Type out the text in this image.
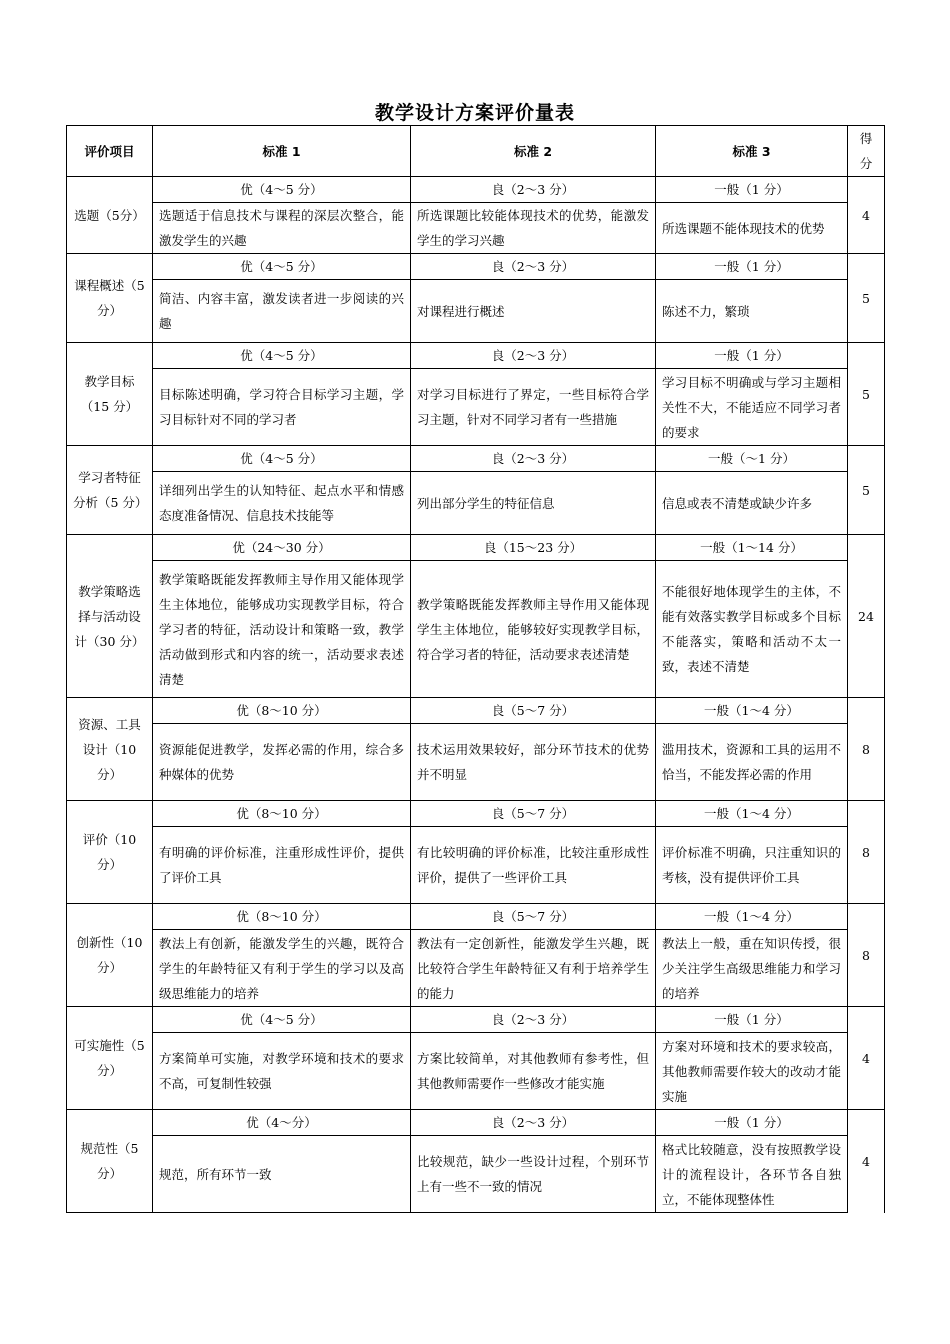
教学设计方案评价量表
评价项目	标准 1	标准 2	标准 3	得分
选题（5分）	优（4～5 分）	良（2～3 分）	一般（1 分）	4
	选题适于信息技术与课程的深层次整合，能激发学生的兴趣	所选课题比较能体现技术的优势，能激发学生的学习兴趣	所选课题不能体现技术的优势	
课程概述（5 分）	优（4～5 分）	良（2～3 分）	一般（1 分）	5
	简洁、内容丰富，激发读者进一步阅读的兴趣	对课程进行概述	陈述不力，繁琐	
教学目标（15 分）	优（4～5 分）	良（2～3 分）	一般（1 分）	5
	目标陈述明确，学习符合目标学习主题，学习目标针对不同的学习者	对学习目标进行了界定，一些目标符合学习主题，针对不同学习者有一些措施	学习目标不明确或与学习主题相关性不大，不能适应不同学习者的要求	
学习者特征分析（5 分）	优（4～5 分）	良（2～3 分）	一般（～1 分）	5
	详细列出学生的认知特征、起点水平和情感态度准备情况、信息技术技能等	列出部分学生的特征信息	信息或表不清楚或缺少许多	
教学策略选择与活动设计（30 分）	优（24～30 分）	良（15～23 分）	一般（1～14 分）	24
	教学策略既能发挥教师主导作用又能体现学生主体地位，能够成功实现教学目标，符合学习者的特征，活动设计和策略一致，教学活动做到形式和内容的统一，活动要求表述清楚	教学策略既能发挥教师主导作用又能体现学生主体地位，能够较好实现教学目标，符合学习者的特征，活动要求表述清楚	不能很好地体现学生的主体，不能有效落实教学目标或多个目标不能落实，策略和活动不太一致，表述不清楚	
资源、工具设计（10 分）	优（8～10 分）	良（5～7 分）	一般（1～4 分）	8
	资源能促进教学，发挥必需的作用，综合多种媒体的优势	技术运用效果较好，部分环节技术的优势并不明显	滥用技术，资源和工具的运用不恰当，不能发挥必需的作用	
评价（10 分）	优（8～10 分）	良（5～7 分）	一般（1～4 分）	8
	有明确的评价标准，注重形成性评价，提供了评价工具	有比较明确的评价标准，比较注重形成性评价，提供了一些评价工具	评价标准不明确，只注重知识的考核，没有提供评价工具	
创新性（10 分）	优（8～10 分）	良（5～7 分）	一般（1～4 分）	8
	教法上有创新，能激发学生的兴趣，既符合学生的年龄特征又有利于学生的学习以及高级思维能力的培养	教法有一定创新性，能激发学生兴趣，既比较符合学生年龄特征又有利于培养学生的能力	教法上一般，重在知识传授，很少关注学生高级思维能力和学习的培养	
可实施性（5 分）	优（4～5 分）	良（2～3 分）	一般（1 分）	4
	方案简单可实施，对教学环境和技术的要求不高，可复制性较强	方案比较简单，对其他教师有参考性，但其他教师需要作一些修改才能实施	方案对环境和技术的要求较高，其他教师需要作较大的改动才能实施	
规范性（5 分）	优（4～分）	良（2～3 分）	一般（1 分）	4
	规范，所有环节一致	比较规范，缺少一些设计过程，个别环节上有一些不一致的情况	格式比较随意，没有按照教学设计的流程设计，各环节各自独立，不能体现整体性	
